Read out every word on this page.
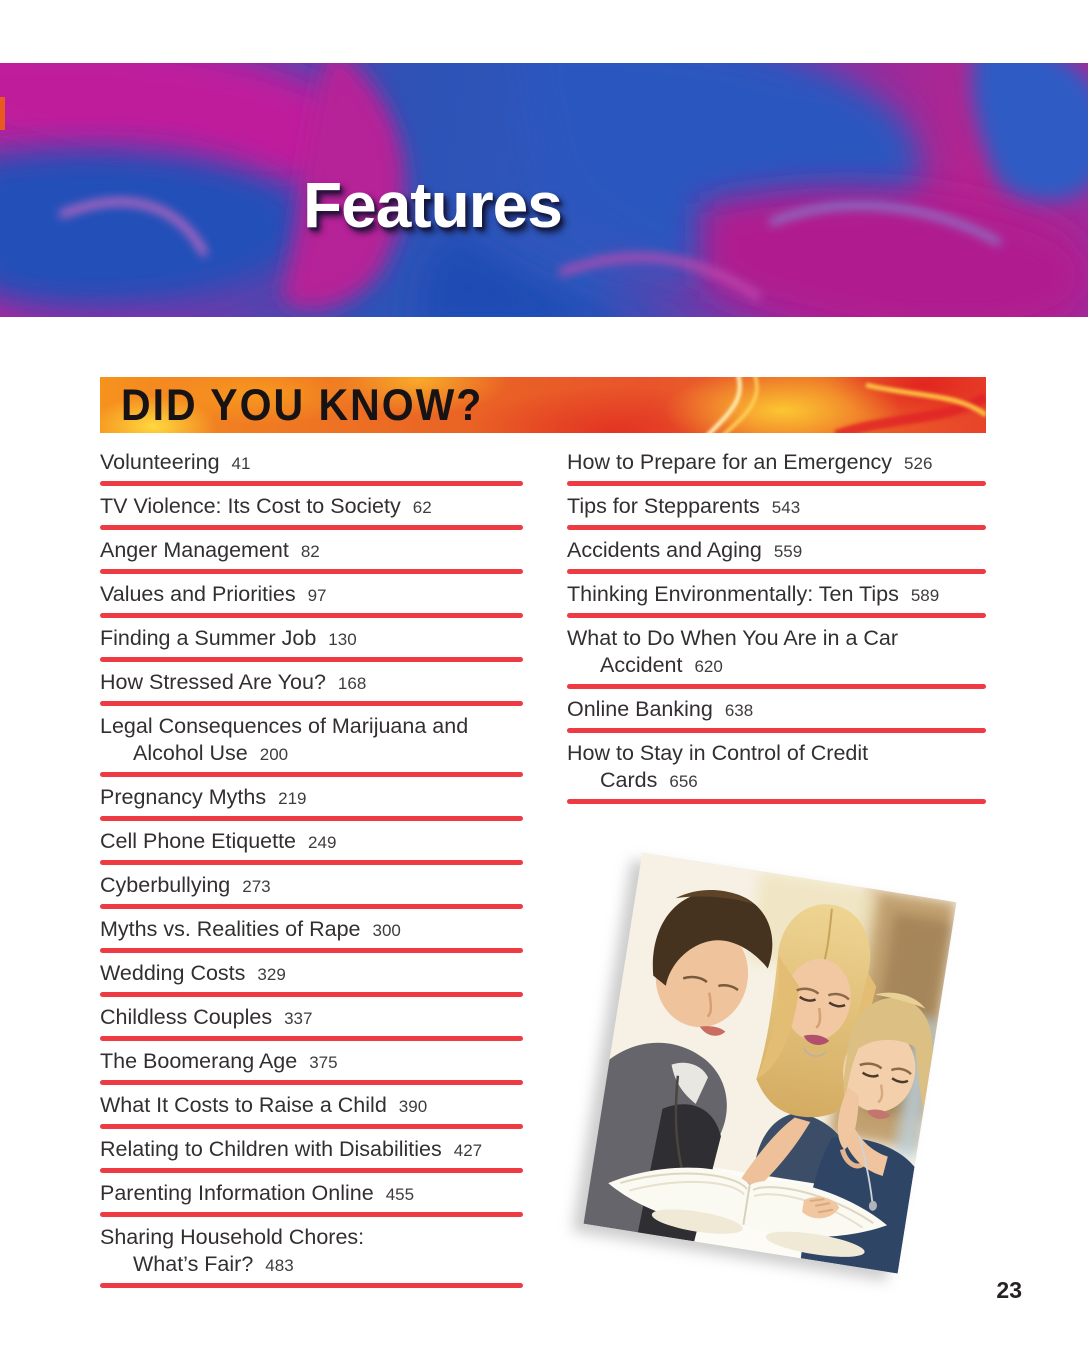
Features
DID YOU KNOW?
Volunteering 41
TV Violence: Its Cost to Society 62
Anger Management 82
Values and Priorities 97
Finding a Summer Job 130
How Stressed Are You? 168
Legal Consequences of Marijuana and
Alcohol Use 200
Pregnancy Myths 219
Cell Phone Etiquette 249
Cyberbullying 273
Myths vs. Realities of Rape 300
Wedding Costs 329
Childless Couples 337
The Boomerang Age 375
What It Costs to Raise a Child 390
Relating to Children with Disabilities 427
Parenting Information Online 455
Sharing Household Chores:
What’s Fair? 483
How to Prepare for an Emergency 526
Tips for Stepparents 543
Accidents and Aging 559
Thinking Environmentally: Ten Tips 589
What to Do When You Are in a Car
Accident 620
Online Banking 638
How to Stay in Control of Credit
Cards 656
23
